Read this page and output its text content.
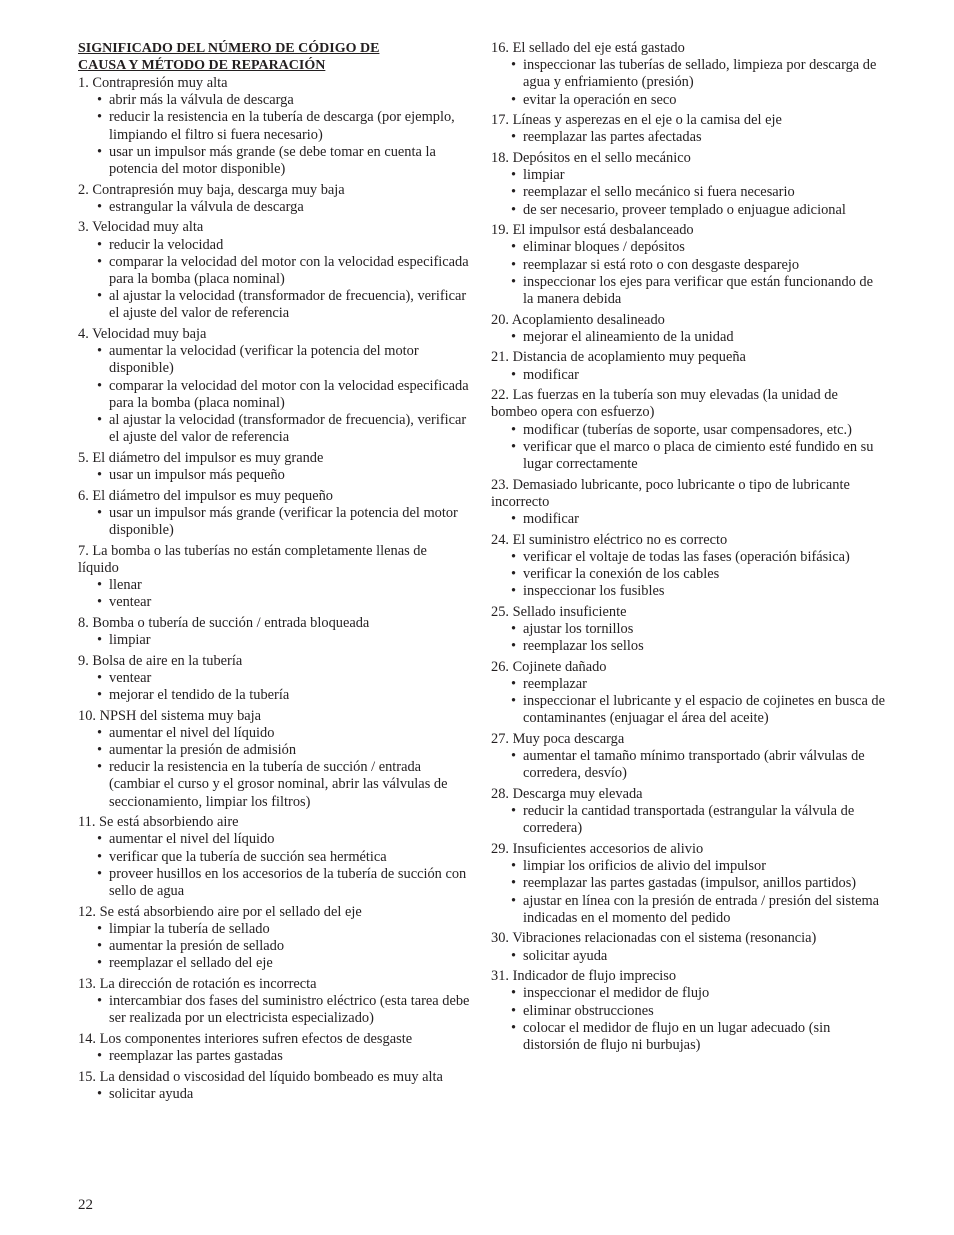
SIGNIFICADO DEL NÚMERO DE CÓDIGO DE
CAUSA Y MÉTODO DE REPARACIÓN
1. Contrapresión muy alta
• abrir más la válvula de descarga
• reducir la resistencia en la tubería de descarga (por ejemplo, limpiando el filtro si fuera necesario)
• usar un impulsor más grande (se debe tomar en cuenta la potencia del motor disponible)
2. Contrapresión muy baja, descarga muy baja
• estrangular la válvula de descarga
3. Velocidad muy alta
• reducir la velocidad
• comparar la velocidad del motor con la velocidad especificada para la bomba (placa nominal)
• al ajustar la velocidad (transformador de frecuencia), verificar el ajuste del valor de referencia
4. Velocidad muy baja
• aumentar la velocidad (verificar la potencia del motor disponible)
• comparar la velocidad del motor con la velocidad especificada para la bomba (placa nominal)
• al ajustar la velocidad (transformador de frecuencia), verificar el ajuste del valor de referencia
5. El diámetro del impulsor es muy grande
• usar un impulsor más pequeño
6. El diámetro del impulsor es muy pequeño
• usar un impulsor más grande (verificar la potencia del motor disponible)
7. La bomba o las tuberías no están completamente llenas de líquido
• llenar
• ventear
8. Bomba o tubería de succión / entrada bloqueada
• limpiar
9. Bolsa de aire en la tubería
• ventear
• mejorar el tendido de la tubería
10. NPSH del sistema muy baja
• aumentar el nivel del líquido
• aumentar la presión de admisión
• reducir la resistencia en la tubería de succión / entrada (cambiar el curso y el grosor nominal, abrir las válvulas de seccionamiento, limpiar los filtros)
11. Se está absorbiendo aire
• aumentar el nivel del líquido
• verificar que la tubería de succión sea hermética
• proveer husillos en los accesorios de la tubería de succión con sello de agua
12. Se está absorbiendo aire por el sellado del eje
• limpiar la tubería de sellado
• aumentar la presión de sellado
• reemplazar el sellado del eje
13. La dirección de rotación es incorrecta
• intercambiar dos fases del suministro eléctrico (esta tarea debe ser realizada por un electricista especializado)
14. Los componentes interiores sufren efectos de desgaste
• reemplazar las partes gastadas
15. La densidad o viscosidad del líquido bombeado es muy alta
• solicitar ayuda
16. El sellado del eje está gastado
• inspeccionar las tuberías de sellado, limpieza por descarga de agua y enfriamiento (presión)
• evitar la operación en seco
17. Líneas y asperezas en el eje o la camisa del eje
• reemplazar las partes afectadas
18. Depósitos en el sello mecánico
• limpiar
• reemplazar el sello mecánico si fuera necesario
• de ser necesario, proveer templado o enjuague adicional
19. El impulsor está desbalanceado
• eliminar bloques / depósitos
• reemplazar si está roto o con desgaste desparejo
• inspeccionar los ejes para verificar que están funcionando de la manera debida
20. Acoplamiento desalineado
• mejorar el alineamiento de la unidad
21. Distancia de acoplamiento muy pequeña
• modificar
22. Las fuerzas en la tubería son muy elevadas (la unidad de bombeo opera con esfuerzo)
• modificar (tuberías de soporte, usar compensadores, etc.)
• verificar que el marco o placa de cimiento esté fundido en su lugar correctamente
23. Demasiado lubricante, poco lubricante o tipo de lubricante incorrecto
• modificar
24. El suministro eléctrico no es correcto
• verificar el voltaje de todas las fases (operación bifásica)
• verificar la conexión de los cables
• inspeccionar los fusibles
25. Sellado insuficiente
• ajustar los tornillos
• reemplazar los sellos
26. Cojinete dañado
• reemplazar
• inspeccionar el lubricante y el espacio de cojinetes en busca de contaminantes (enjuagar el área del aceite)
27. Muy poca descarga
• aumentar el tamaño mínimo transportado (abrir válvulas de corredera, desvío)
28. Descarga muy elevada
• reducir la cantidad transportada (estrangular la válvula de corredera)
29. Insuficientes accesorios de alivio
• limpiar los orificios de alivio del impulsor
• reemplazar las partes gastadas (impulsor, anillos partidos)
• ajustar en línea con la presión de entrada / presión del sistema indicadas en el momento del pedido
30. Vibraciones relacionadas con el sistema (resonancia)
• solicitar ayuda
31. Indicador de flujo impreciso
• inspeccionar el medidor de flujo
• eliminar obstrucciones
• colocar el medidor de flujo en un lugar adecuado (sin distorsión de flujo ni burbujas)
22
